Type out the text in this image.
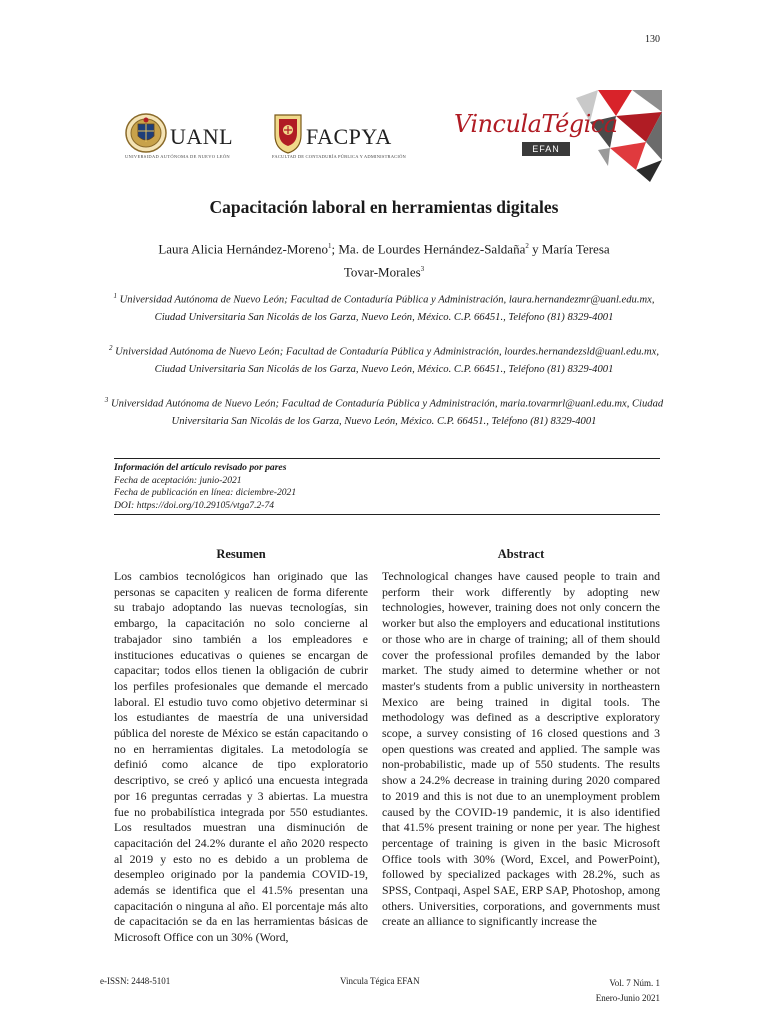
130
UANL
UNIVERSIDAD AUTÓNOMA DE NUEVO LEÓN
FACPYA
FACULTAD DE CONTADURÍA PÚBLICA Y ADMINISTRACIÓN
VinculaTégica
EFAN
Capacitación laboral en herramientas digitales
Laura Alicia Hernández-Moreno$^1$; Ma. de Lourdes Hernández-Saldaña$^2$ y María Teresa Tovar-Morales$^3$
$^1$ Universidad Autónoma de Nuevo León; Facultad de Contaduría Pública y Administración, laura.hernandezmr@uanl.edu.mx, Ciudad Universitaria San Nicolás de los Garza, Nuevo León, México. C.P. 66451., Teléfono (81) 8329-4001
$^2$ Universidad Autónoma de Nuevo León; Facultad de Contaduría Pública y Administración, lourdes.hernandezsld@uanl.edu.mx, Ciudad Universitaria San Nicolás de los Garza, Nuevo León, México. C.P. 66451., Teléfono (81) 8329-4001
$^3$ Universidad Autónoma de Nuevo León; Facultad de Contaduría Pública y Administración, maria.tovarmrl@uanl.edu.mx, Ciudad Universitaria San Nicolás de los Garza, Nuevo León, México. C.P. 66451., Teléfono (81) 8329-4001
Información del artículo revisado por pares
Fecha de aceptación: junio-2021
Fecha de publicación en línea: diciembre-2021
DOI: https://doi.org/10.29105/vtga7.2-74
Resumen	Abstract
Los cambios tecnológicos han originado que las personas se capaciten y realicen de forma diferente su trabajo adoptando las nuevas tecnologías, sin embargo, la capacitación no solo concierne al trabajador sino también a los empleadores e instituciones educativas o quienes se encargan de capacitar; todos ellos tienen la obligación de cubrir los perfiles profesionales que demande el mercado laboral. El estudio tuvo como objetivo determinar si los estudiantes de maestría de una universidad pública del noreste de México se están capacitando o no en herramientas digitales. La metodología se definió como alcance de tipo exploratorio descriptivo, se creó y aplicó una encuesta integrada por 16 preguntas cerradas y 3 abiertas. La muestra fue no probabilística integrada por 550 estudiantes. Los resultados muestran una disminución de capacitación del 24.2% durante el año 2020 respecto al 2019 y esto no es debido a un problema de desempleo originado por la pandemia COVID-19, además se identifica que el 41.5% presentan una capacitación o ninguna al año. El porcentaje más alto de capacitación se da en las herramientas básicas de Microsoft Office con un 30% (Word,
Technological changes have caused people to train and perform their work differently by adopting new technologies, however, training does not only concern the worker but also the employers and educational institutions or those who are in charge of training; all of them should cover the professional profiles demanded by the labor market. The study aimed to determine whether or not master's students from a public university in northeastern Mexico are being trained in digital tools. The methodology was defined as a descriptive exploratory scope, a survey consisting of 16 closed questions and 3 open questions was created and applied. The sample was non-probabilistic, made up of 550 students. The results show a 24.2% decrease in training during 2020 compared to 2019 and this is not due to an unemployment problem caused by the COVID-19 pandemic, it is also identified that 41.5% present training or none per year. The highest percentage of training is given in the basic Microsoft Office tools with 30% (Word, Excel, and PowerPoint), followed by specialized packages with 28.2%, such as SPSS, Contpaqi, Aspel SAE, ERP SAP, Photoshop, among others. Universities, corporations, and governments must create an alliance to significantly increase the
e-ISSN: 2448-5101	Vincula Tégica EFAN	Vol. 7 Núm. 1
Enero-Junio 2021
